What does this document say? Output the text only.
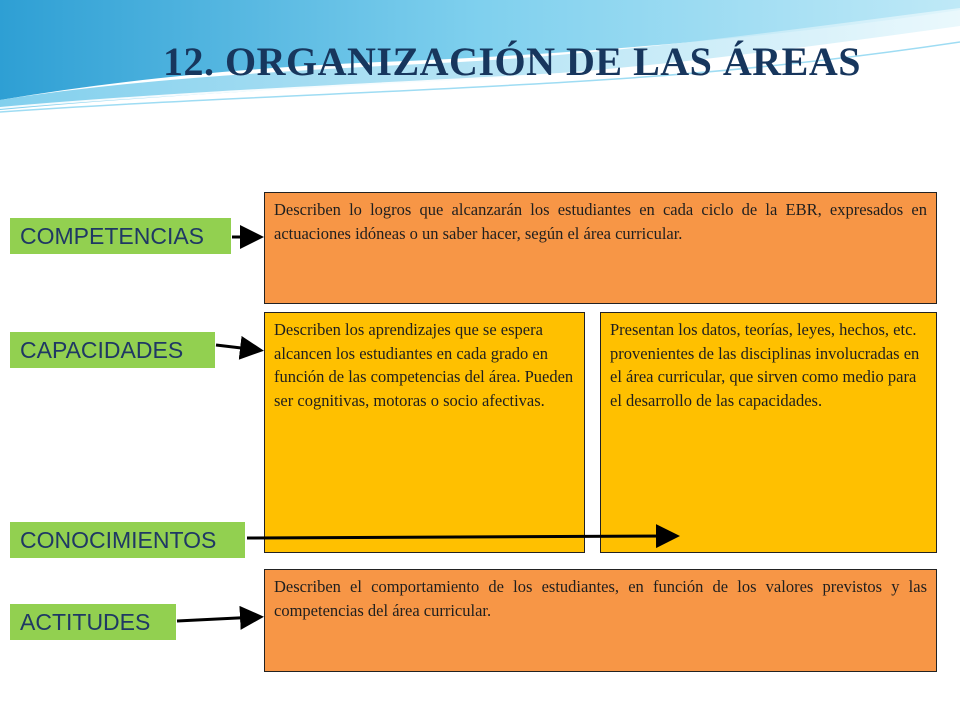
12. ORGANIZACIÓN DE LAS ÁREAS
COMPETENCIAS
CAPACIDADES
CONOCIMIENTOS
ACTITUDES
Describen lo logros que alcanzarán los estudiantes en cada ciclo de la EBR, expresados en actuaciones idóneas o un saber hacer, según el área curricular.
Describen los aprendizajes que se espera alcancen los estudiantes en cada grado en función de las competencias del área. Pueden ser cognitivas, motoras o socio afectivas.
Presentan los datos, teorías, leyes, hechos, etc. provenientes de las disciplinas involucradas en el área curricular, que sirven como medio para el desarrollo de las capacidades.
Describen el comportamiento de los estudiantes, en función de los valores previstos y las competencias del área curricular.
